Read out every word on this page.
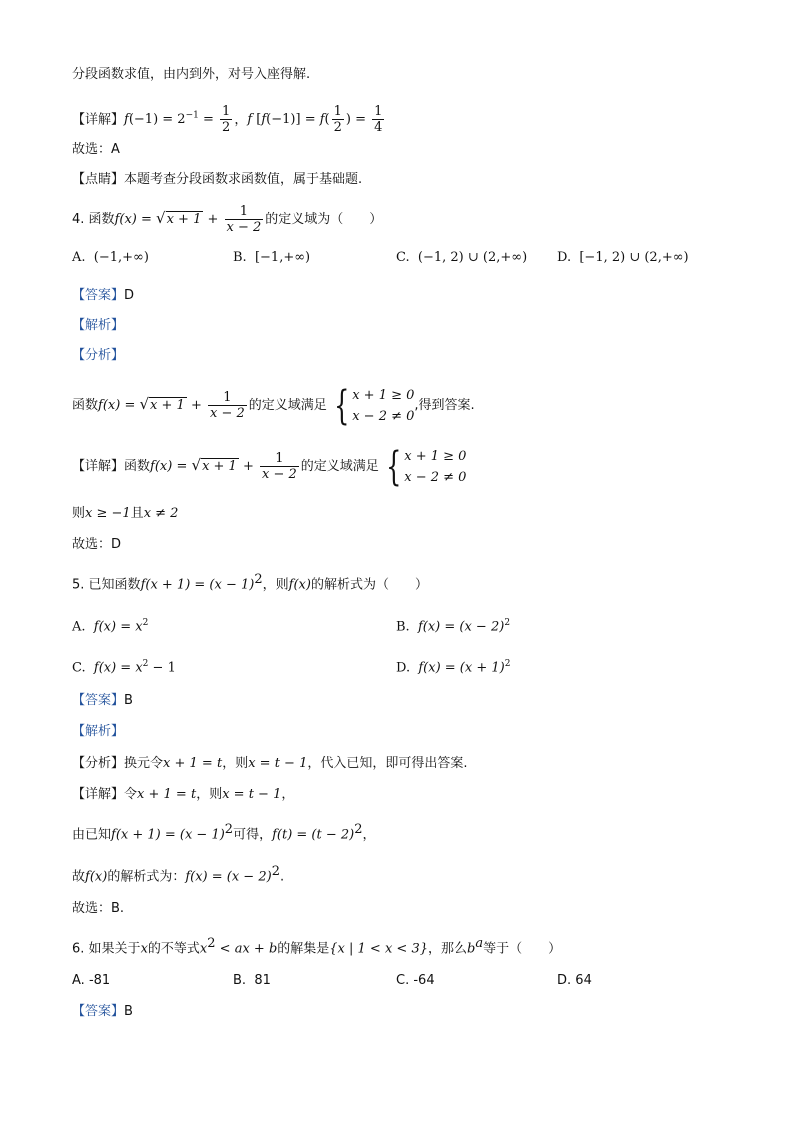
分段函数求值，由内到外，对号入座得解.
【详解】$f(-1) = 2^{-1} = \frac{1}{2}$ ，f $[f(-1)] = f( \frac{1}{2}$ ) = $\frac{1}{4}$
故选：A
【点睛】本题考查分段函数求函数值，属于基础题.
4. 函数$f(x) = √x + 1 + \frac{1}{x - 2}$ 的定义域为（　　）
A. (−1,+∞)	B. [−1,+∞)	C. (−1, 2) ∪ (2,+∞) D. [−1, 2) ∪ (2,+∞)
【答案】D
【解析】
【分析】
函数$f(x) = √x + 1 + \frac{1}{x - 2}$ 的定义域满足 { x + 1 ≥ 0
x − 2 ≠ 0
,得到答案.
【详解】函数$f(x) = √x + 1 + \frac{1}{x - 2}$ 的定义域满足 { x + 1 ≥ 0
x − 2 ≠ 0
则x ≥ −1且x ≠ 2
故选：D
5. 已知函数$f(x + 1) = (x - 1)^2$，则f(x)的解析式为（　　）
A. $f(x) = x^2$	B. $f(x) = (x - 2)^2$
C. $f(x) = x^2 - 1$	D. $f(x) = (x + 1)^2$
【答案】B
【解析】
【分析】换元令x + 1 = t，则x = t − 1，代入已知，即可得出答案.
【详解】令x + 1 = t，则x = t − 1，
由已知$f(x + 1) = (x - 1)^2$可得，$f(t) = (t - 2)^2$，
故f(x)的解析式为：$f(x) = (x - 2)^2$.
故选：B.
6. 如果关于x的不等式$x^2$ < ax + b的解集是{x | 1 < x < 3}，那么$b^a$等于（　　）
A. -81	B. 81	C. -64	D. 64
【答案】B
